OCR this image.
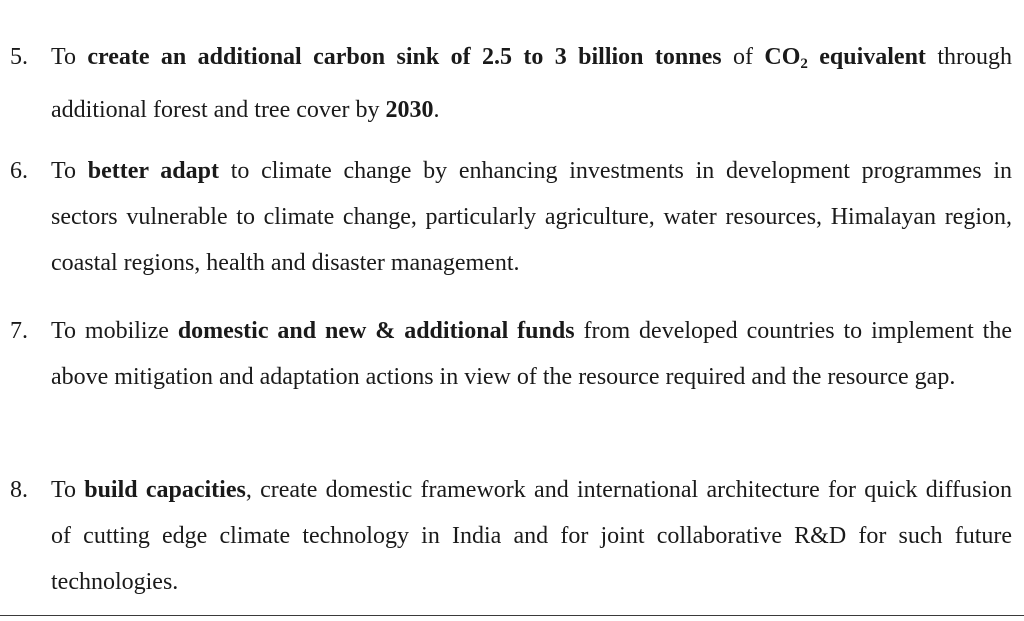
5. To create an additional carbon sink of 2.5 to 3 billion tonnes of $CO_2$ equivalent through additional forest and tree cover by 2030.

6. To better adapt to climate change by enhancing investments in development programmes in sectors vulnerable to climate change, particularly agriculture, water resources, Himalayan region, coastal regions, health and disaster management.

7. To mobilize domestic and new & additional funds from developed countries to implement the above mitigation and adaptation actions in view of the resource required and the resource gap.

8. To build capacities, create domestic framework and international architecture for quick diffusion of cutting edge climate technology in India and for joint collaborative R&D for such future technologies.
